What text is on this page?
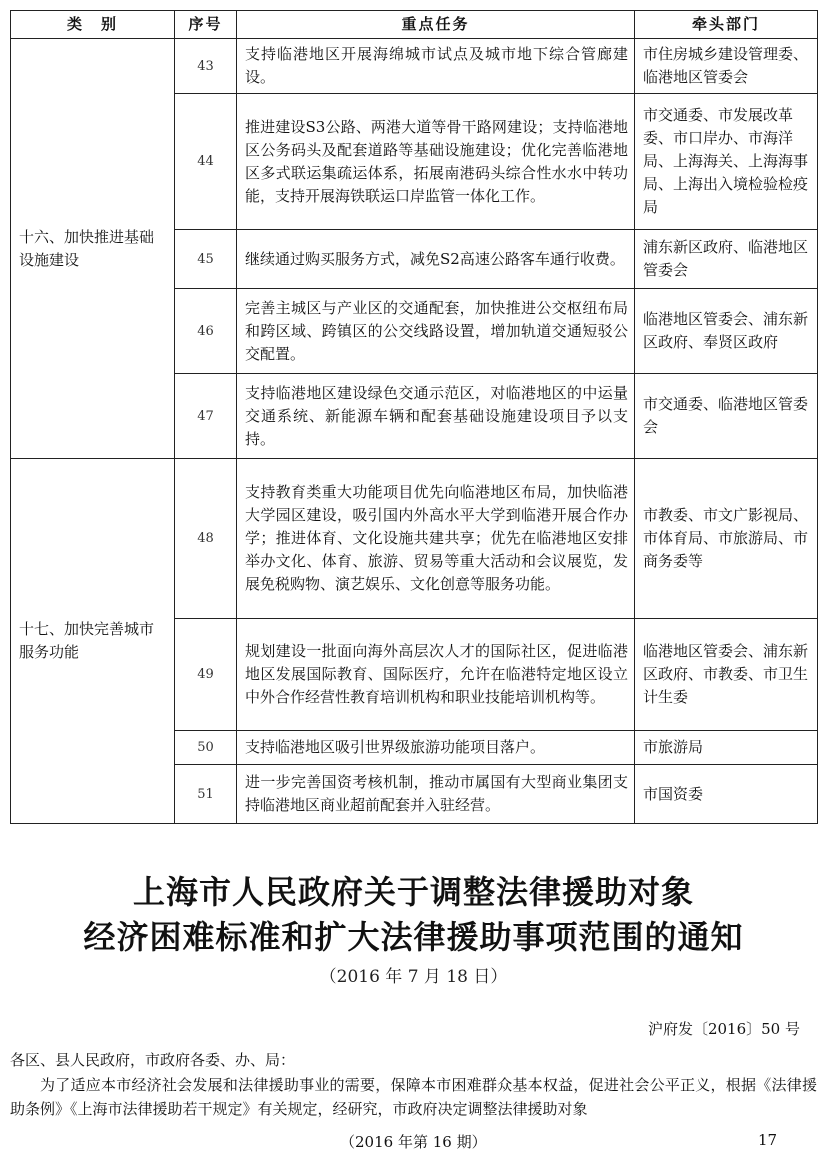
类　别	序号	重点任务	牵头部门
十六、加快推进基础设施建设	43	支持临港地区开展海绵城市试点及城市地下综合管廊建设。	市住房城乡建设管理委、临港地区管委会
	44	推进建设S3公路、两港大道等骨干路网建设；支持临港地区公务码头及配套道路等基础设施建设；优化完善临港地区多式联运集疏运体系，拓展南港码头综合性水水中转功能，支持开展海铁联运口岸监管一体化工作。	市交通委、市发展改革委、市口岸办、市海洋局、上海海关、上海海事局、上海出入境检验检疫局
	45	继续通过购买服务方式，减免S2高速公路客车通行收费。	浦东新区政府、临港地区管委会
	46	完善主城区与产业区的交通配套，加快推进公交枢纽布局和跨区域、跨镇区的公交线路设置，增加轨道交通短驳公交配置。	临港地区管委会、浦东新区政府、奉贤区政府
	47	支持临港地区建设绿色交通示范区，对临港地区的中运量交通系统、新能源车辆和配套基础设施建设项目予以支持。	市交通委、临港地区管委会
十七、加快完善城市服务功能	48	支持教育类重大功能项目优先向临港地区布局，加快临港大学园区建设，吸引国内外高水平大学到临港开展合作办学；推进体育、文化设施共建共享；优先在临港地区安排举办文化、体育、旅游、贸易等重大活动和会议展览，发展免税购物、演艺娱乐、文化创意等服务功能。	市教委、市文广影视局、市体育局、市旅游局、市商务委等
	49	规划建设一批面向海外高层次人才的国际社区，促进临港地区发展国际教育、国际医疗，允许在临港特定地区设立中外合作经营性教育培训机构和职业技能培训机构等。	临港地区管委会、浦东新区政府、市教委、市卫生计生委
	50	支持临港地区吸引世界级旅游功能项目落户。	市旅游局
	51	进一步完善国资考核机制，推动市属国有大型商业集团支持临港地区商业超前配套并入驻经营。	市国资委
上海市人民政府关于调整法律援助对象
经济困难标准和扩大法律援助事项范围的通知
（2016 年 7 月 18 日）
沪府发〔2016〕50 号
各区、县人民政府，市政府各委、办、局：
为了适应本市经济社会发展和法律援助事业的需要，保障本市困难群众基本权益，促进社会公平正义，根据《法律援助条例》《上海市法律援助若干规定》有关规定，经研究，市政府决定调整法律援助对象
（2016 年第 16 期）	17
